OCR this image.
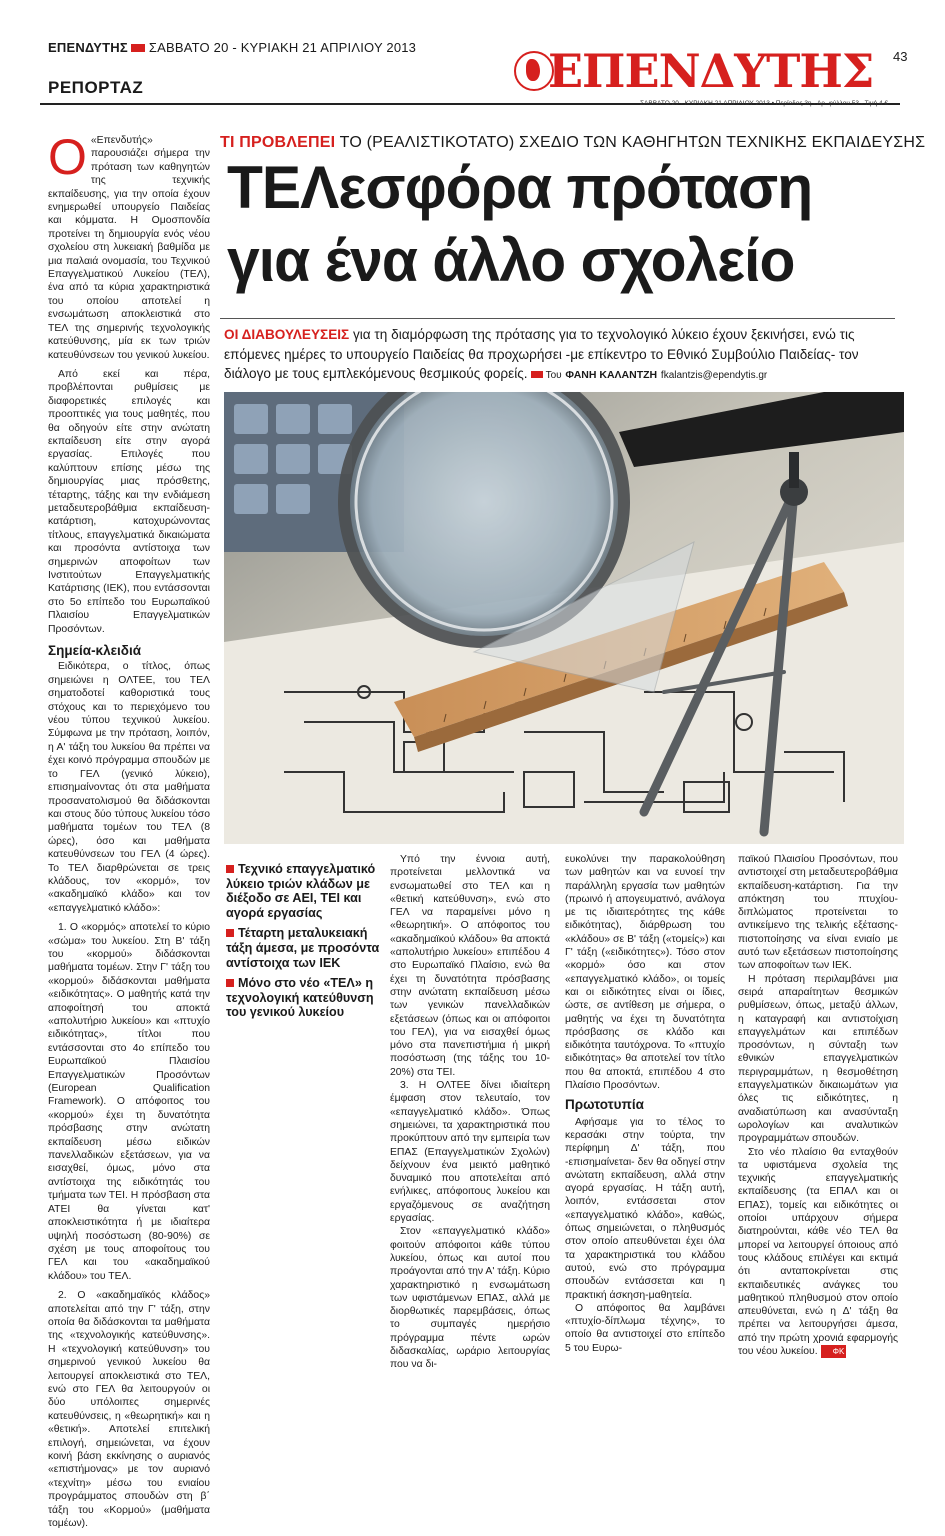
ΕΠΕΝΔΥΤΗΣ ΣΑΒΒΑΤΟ 20 - ΚΥΡΙΑΚΗ 21 ΑΠΡΙΛΙΟΥ 2013
ΡΕΠΟΡΤΑΖ	ΕΠΕΝΔΥΤΗΣ
ΣΑΒΒΑΤΟ 20 - ΚΥΡΙΑΚΗ 21 ΑΠΡΙΛΙΟΥ 2013 • Περίοδος 3η - Αρ. φύλλου 53 - Τιμή 4 €
43
ΤΙ ΠΡΟΒΛΕΠΕΙ ΤΟ (ΡΕΑΛΙΣΤΙΚΟΤΑΤΟ) ΣΧΕΔΙΟ ΤΩΝ ΚΑΘΗΓΗΤΩΝ ΤΕΧΝΙΚΗΣ ΕΚΠΑΙΔΕΥΣΗΣ
ΤΕΛεσφόρα πρόταση
για ένα άλλο σχολείο
ΟΙ ΔΙΑΒΟΥΛΕΥΣΕΙΣ για τη διαμόρφωση της πρότασης για το τεχνολογικό λύκειο έχουν ξεκινήσει, ενώ τις επόμενες ημέρες το υπουργείο Παιδείας θα προχωρήσει -με επίκεντρο το Εθνικό Συμβούλιο Παιδείας- τον διάλογο με τους εμπλεκόμενους θεσμικούς φορείς. Του ΦΑΝΗ ΚΑΛΑΝΤΖΗ fkalantzis@ependytis.gr

Ο «Επενδυτής» παρουσιάζει σήμερα την πρόταση των καθηγητών της τεχνικής εκπαίδευσης, για την οποία έχουν ενημερωθεί υπουργείο Παιδείας και κόμματα. Η Ομοσπονδία προτείνει τη δημιουργία ενός νέου σχολείου στη λυκειακή βαθμίδα με μια παλαιά ονομασία, του Τεχνικού Επαγγελματικού Λυκείου (ΤΕΛ), ένα από τα κύρια χαρακτηριστικά του οποίου αποτελεί η ενσωμάτωση αποκλειστικά στο ΤΕΛ της σημερινής τεχνολογικής κατεύθυνσης, μία εκ των τριών κατευθύνσεων του γενικού λυκείου.

Από εκεί και πέρα, προβλέπονται ρυθμίσεις με διαφορετικές επιλογές και προοπτικές για τους μαθητές, που θα οδηγούν είτε στην ανώτατη εκπαίδευση είτε στην αγορά εργασίας. Επιλογές που καλύπτουν επίσης μέσω της δημιουργίας μιας πρόσθετης, τέταρτης, τάξης και την ενδιάμεση μεταδευτεροβάθμια εκπαίδευση-κατάρτιση, κατοχυρώνοντας τίτλους, επαγγελματικά δικαιώματα και προσόντα αντίστοιχα των σημερινών αποφοίτων των Ινστιτούτων Επαγγελματικής Κατάρτισης (ΙΕΚ), που εντάσσονται στο 5ο επίπεδο του Ευρωπαϊκού Πλαισίου Επαγγελματικών Προσόντων.

Σημεία-κλειδιά

Ειδικότερα, ο τίτλος, όπως σημειώνει η ΟΛΤΕΕ, του ΤΕΛ σηματοδοτεί καθοριστικά τους στόχους και το περιεχόμενο του νέου τύπου τεχνικού λυκείου. Σύμφωνα με την πρόταση, λοιπόν, η Α' τάξη του λυκείου θα πρέπει να έχει κοινό πρόγραμμα σπουδών με το ΓΕΛ (γενικό λύκειο), επισημαίνοντας ότι στα μαθήματα προσανατολισμού θα διδάσκονται και στους δύο τύπους λυκείου τόσο μαθήματα τομέων του ΤΕΛ (8 ώρες), όσο και μαθήματα κατευθύνσεων του ΓΕΛ (4 ώρες). Το ΤΕΛ διαρθρώνεται σε τρεις κλάδους, τον «κορμό», τον «ακαδημαϊκό κλάδο» και τον «επαγγελματικό κλάδο»:

1. Ο «κορμός» αποτελεί το κύριο «σώμα» του λυκείου. Στη Β' τάξη του «κορμού» διδάσκονται μαθήματα τομέων. Στην Γ' τάξη του «κορμού» διδάσκονται μαθήματα «ειδικότητας». Ο μαθητής κατά την αποφοίτησή του αποκτά «απολυτήριο λυκείου» και «πτυχίο ειδικότητας», τίτλοι που εντάσσονται στο 4ο επίπεδο του Ευρωπαϊκού Πλαισίου Επαγγελματικών Προσόντων (European Qualification Framework). Ο απόφοιτος του «κορμού» έχει τη δυνατότητα πρόσβασης στην ανώτατη εκπαίδευση μέσω ειδικών πανελλαδικών εξετάσεων, για να εισαχθεί, όμως, μόνο στα αντίστοιχα της ειδικότητάς του τμήματα των ΤΕΙ. Η πρόσβαση στα ΑΤΕΙ θα γίνεται κατ' αποκλειστικότητα ή με ιδιαίτερα υψηλή ποσόστωση (80-90%) σε σχέση με τους αποφοίτους του ΓΕΛ και του «ακαδημαϊκού κλάδου» του ΤΕΛ.

2. Ο «ακαδημαϊκός κλάδος» αποτελείται από την Γ' τάξη, στην οποία θα διδάσκονται τα μαθήματα της «τεχνολογικής κατεύθυνσης». Η «τεχνολογική κατεύθυνση» του σημερινού γενικού λυκείου θα λειτουργεί αποκλειστικά στο ΤΕΛ, ενώ στο ΓΕΛ θα λειτουργούν οι δύο υπόλοιπες σημερινές κατευθύνσεις, η «θεωρητική» και η «θετική». Αποτελεί επιτελική επιλογή, σημειώνεται, να έχουν κοινή βάση εκκίνησης ο αυριανός «επιστήμονας» με τον αυριανό «τεχνίτη» μέσω του ενιαίου προγράμματος σπουδών στη β΄ τάξη του «Κορμού» (μαθήματα τομέων).

Τεχνικό επαγγελματικό λύκειο τριών κλάδων με διέξοδο σε ΑΕΙ, ΤΕΙ και αγορά εργασίας
Τέταρτη μεταλυκειακή τάξη άμεσα, με προσόντα αντίστοιχα των ΙΕΚ
Μόνο στο νέο «ΤΕΛ» η τεχνολογική κατεύθυνση του γενικού λυκείου

Υπό την έννοια αυτή, προτείνεται μελλοντικά να ενσωματωθεί στο ΤΕΛ και η «θετική κατεύθυνση», ενώ στο ΓΕΛ να παραμείνει μόνο η «θεωρητική». Ο απόφοιτος του «ακαδημαϊκού κλάδου» θα αποκτά «απολυτήριο λυκείου» επιπέδου 4 στο Ευρωπαϊκό Πλαίσιο, ενώ θα έχει τη δυνατότητα πρόσβασης στην ανώτατη εκπαίδευση μέσω των γενικών πανελλαδικών εξετάσεων (όπως και οι απόφοιτοι του ΓΕΛ), για να εισαχθεί όμως μόνο στα πανεπιστήμια ή μικρή ποσόστωση (της τάξης του 10-20%) στα ΤΕΙ.

3. Η ΟΛΤΕΕ δίνει ιδιαίτερη έμφαση στον τελευταίο, τον «επαγγελματικό κλάδο». Όπως σημειώνει, τα χαρακτηριστικά που προκύπτουν από την εμπειρία των ΕΠΑΣ (Επαγγελματικών Σχολών) δείχνουν ένα μεικτό μαθητικό δυναμικό που αποτελείται από ενήλικες, απόφοιτους λυκείου και εργαζόμενους σε αναζήτηση εργασίας.

Στον «επαγγελματικό κλάδο» φοιτούν απόφοιτοι κάθε τύπου λυκείου, όπως και αυτοί που προάγονται από την Α' τάξη. Κύριο χαρακτηριστικό η ενσωμάτωση των υφιστάμενων ΕΠΑΣ, αλλά με διορθωτικές παρεμβάσεις, όπως το συμπαγές ημερήσιο πρόγραμμα πέντε ωρών διδασκαλίας, ωράριο λειτουργίας που να δι-

ευκολύνει την παρακολούθηση των μαθητών και να ευνοεί την παράλληλη εργασία των μαθητών (πρωινό ή απογευματινό, ανάλογα με τις ιδιαιτερότητες της κάθε ειδικότητας), διάρθρωση του «κλάδου» σε Β' τάξη («τομείς») και Γ' τάξη («ειδικότητες»). Τόσο στον «κορμό» όσο και στον «επαγγελματικό κλάδο», οι τομείς και οι ειδικότητες είναι οι ίδιες, ώστε, σε αντίθεση με σήμερα, ο μαθητής να έχει τη δυνατότητα πρόσβασης σε κλάδο και ειδικότητα ταυτόχρονα. Το «πτυχίο ειδικότητας» θα αποτελεί τον τίτλο που θα αποκτά, επιπέδου 4 στο Πλαίσιο Προσόντων.

Πρωτοτυπία

Αφήσαμε για το τέλος το κερασάκι στην τούρτα, την περίφημη Δ' τάξη, που -επισημαίνεται- δεν θα οδηγεί στην ανώτατη εκπαίδευση, αλλά στην αγορά εργασίας. Η τάξη αυτή, λοιπόν, εντάσσεται στον «επαγγελματικό κλάδο», καθώς, όπως σημειώνεται, ο πληθυσμός στον οποίο απευθύνεται έχει όλα τα χαρακτηριστικά του κλάδου αυτού, ενώ στο πρόγραμμα σπουδών εντάσσεται και η πρακτική άσκηση-μαθητεία.

Ο απόφοιτος θα λαμβάνει «πτυχίο-δίπλωμα τέχνης», το οποίο θα αντιστοιχεί στο επίπεδο 5 του Ευρω-

παϊκού Πλαισίου Προσόντων, που αντιστοιχεί στη μεταδευτεροβάθμια εκπαίδευση-κατάρτιση. Για την απόκτηση του πτυχίου-διπλώματος προτείνεται το αντικείμενο της τελικής εξέτασης-πιστοποίησης να είναι ενιαίο με αυτό των εξετάσεων πιστοποίησης των αποφοίτων των ΙΕΚ.

Η πρόταση περιλαμβάνει μια σειρά απαραίτητων θεσμικών ρυθμίσεων, όπως, μεταξύ άλλων, η καταγραφή και αντιστοίχιση επαγγελμάτων και επιπέδων προσόντων, η σύνταξη των εθνικών επαγγελματικών περιγραμμάτων, η θεσμοθέτηση επαγγελματικών δικαιωμάτων για όλες τις ειδικότητες, η αναδιατύπωση και ανασύνταξη ωρολογίων και αναλυτικών προγραμμάτων σπουδών.

Στο νέο πλαίσιο θα ενταχθούν τα υφιστάμενα σχολεία της τεχνικής επαγγελματικής εκπαίδευσης (τα ΕΠΑΛ και οι ΕΠΑΣ), τομείς και ειδικότητες οι οποίοι υπάρχουν σήμερα διατηρούνται, κάθε νέο ΤΕΛ θα μπορεί να λειτουργεί όποιους από τους κλάδους επιλέγει και εκτιμά ότι ανταποκρίνεται στις εκπαιδευτικές ανάγκες του μαθητικού πληθυσμού στον οποίο απευθύνεται, ενώ η Δ' τάξη θα πρέπει να λειτουργήσει άμεσα, από την πρώτη χρονιά εφαρμογής του νέου λυκείου. ΦΚ
